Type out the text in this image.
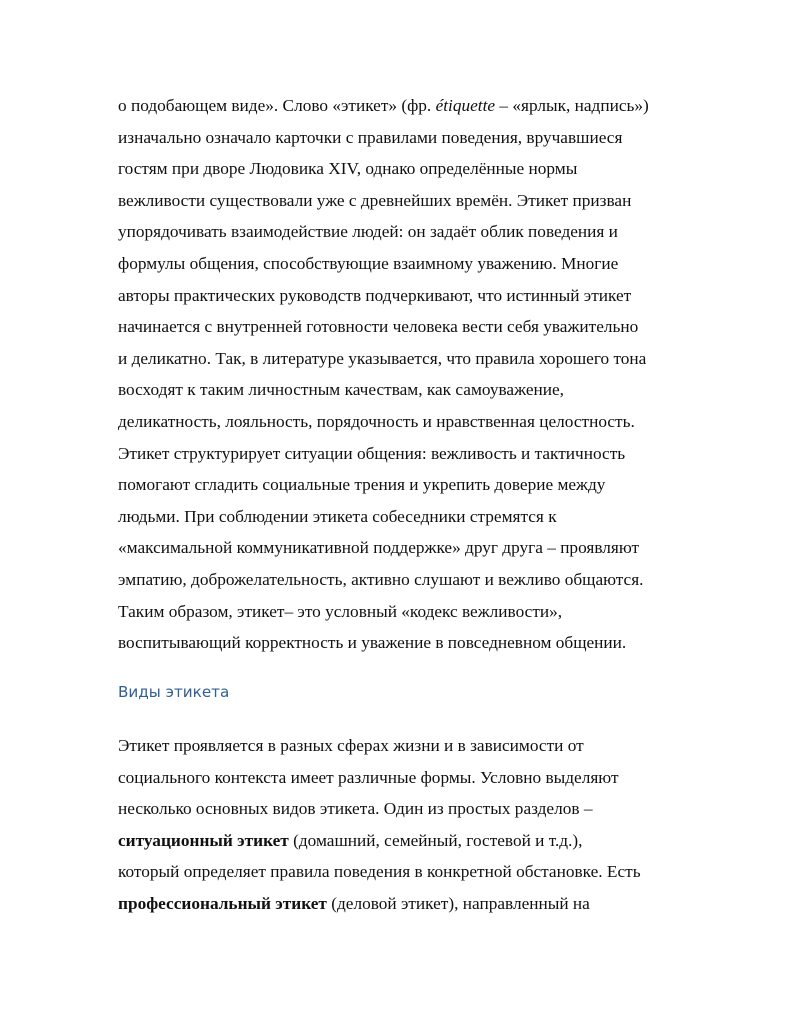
о подобающем виде». Слово «этикет» (фр. étiquette – «ярлык, надпись»)
изначально означало карточки с правилами поведения, вручавшиеся
гостям при дворе Людовика XIV, однако определённые нормы
вежливости существовали уже с древнейших времён. Этикет призван
упорядочивать взаимодействие людей: он задаёт облик поведения и
формулы общения, способствующие взаимному уважению. Многие
авторы практических руководств подчеркивают, что истинный этикет
начинается с внутренней готовности человека вести себя уважительно
и деликатно. Так, в литературе указывается, что правила хорошего тона
восходят к таким личностным качествам, как самоуважение,
деликатность, лояльность, порядочность и нравственная целостность.
Этикет структурирует ситуации общения: вежливость и тактичность
помогают сгладить социальные трения и укрепить доверие между
людьми. При соблюдении этикета собеседники стремятся к
«максимальной коммуникативной поддержке» друг друга – проявляют
эмпатию, доброжелательность, активно слушают и вежливо общаются.
Таким образом, этикет– это условный «кодекс вежливости»,
воспитывающий корректность и уважение в повседневном общении.
Виды этикета
Этикет проявляется в разных сферах жизни и в зависимости от
социального контекста имеет различные формы. Условно выделяют
несколько основных видов этикета. Один из простых разделов –
ситуационный этикет (домашний, семейный, гостевой и т.д.),
который определяет правила поведения в конкретной обстановке. Есть
профессиональный этикет (деловой этикет), направленный на
